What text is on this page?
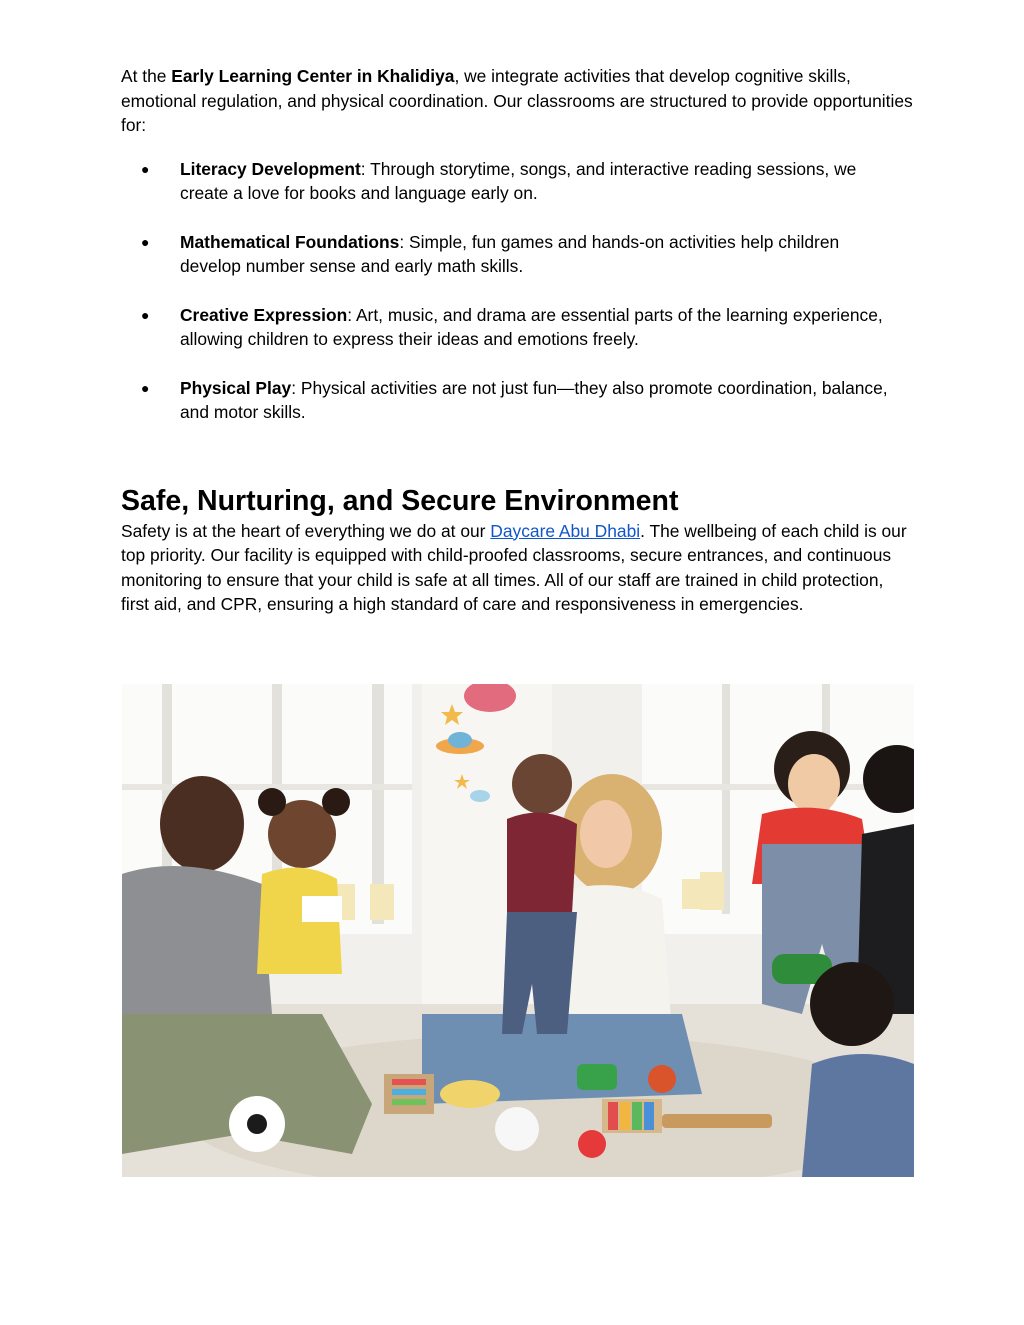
At the Early Learning Center in Khalidiya, we integrate activities that develop cognitive skills, emotional regulation, and physical coordination. Our classrooms are structured to provide opportunities for:

● Literacy Development: Through storytime, songs, and interactive reading sessions, we create a love for books and language early on.
● Mathematical Foundations: Simple, fun games and hands-on activities help children develop number sense and early math skills.
● Creative Expression: Art, music, and drama are essential parts of the learning experience, allowing children to express their ideas and emotions freely.
● Physical Play: Physical activities are not just fun—they also promote coordination, balance, and motor skills.
Safe, Nurturing, and Secure Environment

Safety is at the heart of everything we do at our Daycare Abu Dhabi. The wellbeing of each child is our top priority. Our facility is equipped with child-proofed classrooms, secure entrances, and continuous monitoring to ensure that your child is safe at all times. All of our staff are trained in child protection, first aid, and CPR, ensuring a high standard of care and responsiveness in emergencies.
